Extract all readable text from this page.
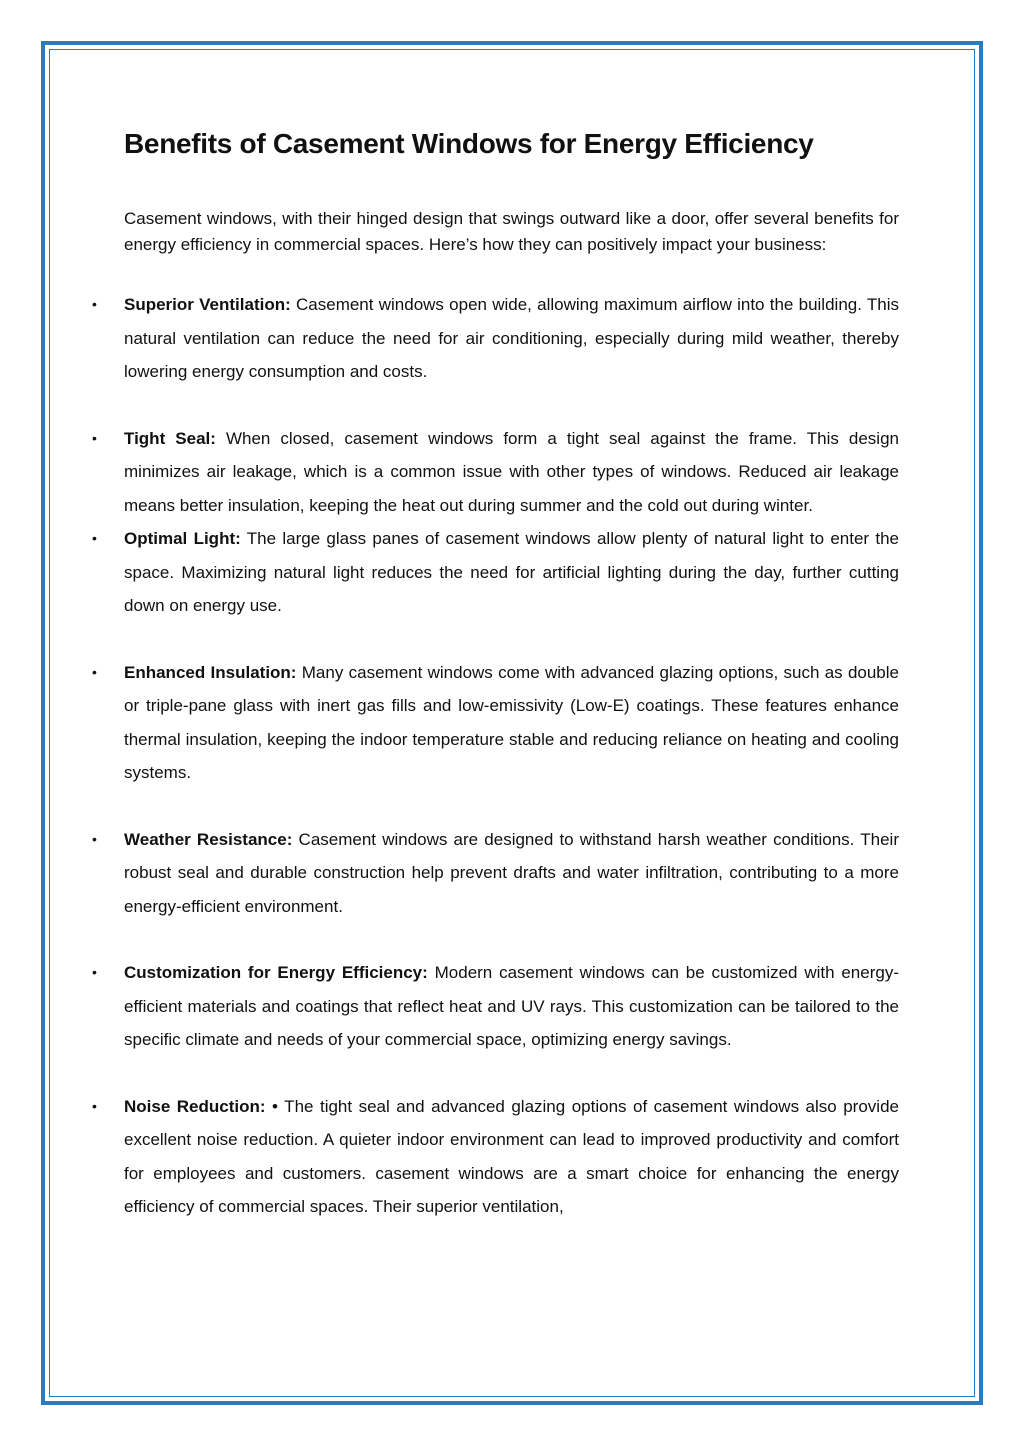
Benefits of Casement Windows for Energy Efficiency

Casement windows, with their hinged design that swings outward like a door, offer several benefits for energy efficiency in commercial spaces. Here’s how they can positively impact your business:

• Superior Ventilation: Casement windows open wide, allowing maximum airflow into the building. This natural ventilation can reduce the need for air conditioning, especially during mild weather, thereby lowering energy consumption and costs.
• Tight Seal: When closed, casement windows form a tight seal against the frame. This design minimizes air leakage, which is a common issue with other types of windows. Reduced air leakage means better insulation, keeping the heat out during summer and the cold out during winter.
• Optimal Light: The large glass panes of casement windows allow plenty of natural light to enter the space. Maximizing natural light reduces the need for artificial lighting during the day, further cutting down on energy use.
• Enhanced Insulation: Many casement windows come with advanced glazing options, such as double or triple-pane glass with inert gas fills and low-emissivity (Low-E) coatings. These features enhance thermal insulation, keeping the indoor temperature stable and reducing reliance on heating and cooling systems.
• Weather Resistance: Casement windows are designed to withstand harsh weather conditions. Their robust seal and durable construction help prevent drafts and water infiltration, contributing to a more energy-efficient environment.
• Customization for Energy Efficiency: Modern casement windows can be customized with energy-efficient materials and coatings that reflect heat and UV rays. This customization can be tailored to the specific climate and needs of your commercial space, optimizing energy savings.
• Noise Reduction: • The tight seal and advanced glazing options of casement windows also provide excellent noise reduction. A quieter indoor environment can lead to improved productivity and comfort for employees and customers. casement windows are a smart choice for enhancing the energy efficiency of commercial spaces. Their superior ventilation,
